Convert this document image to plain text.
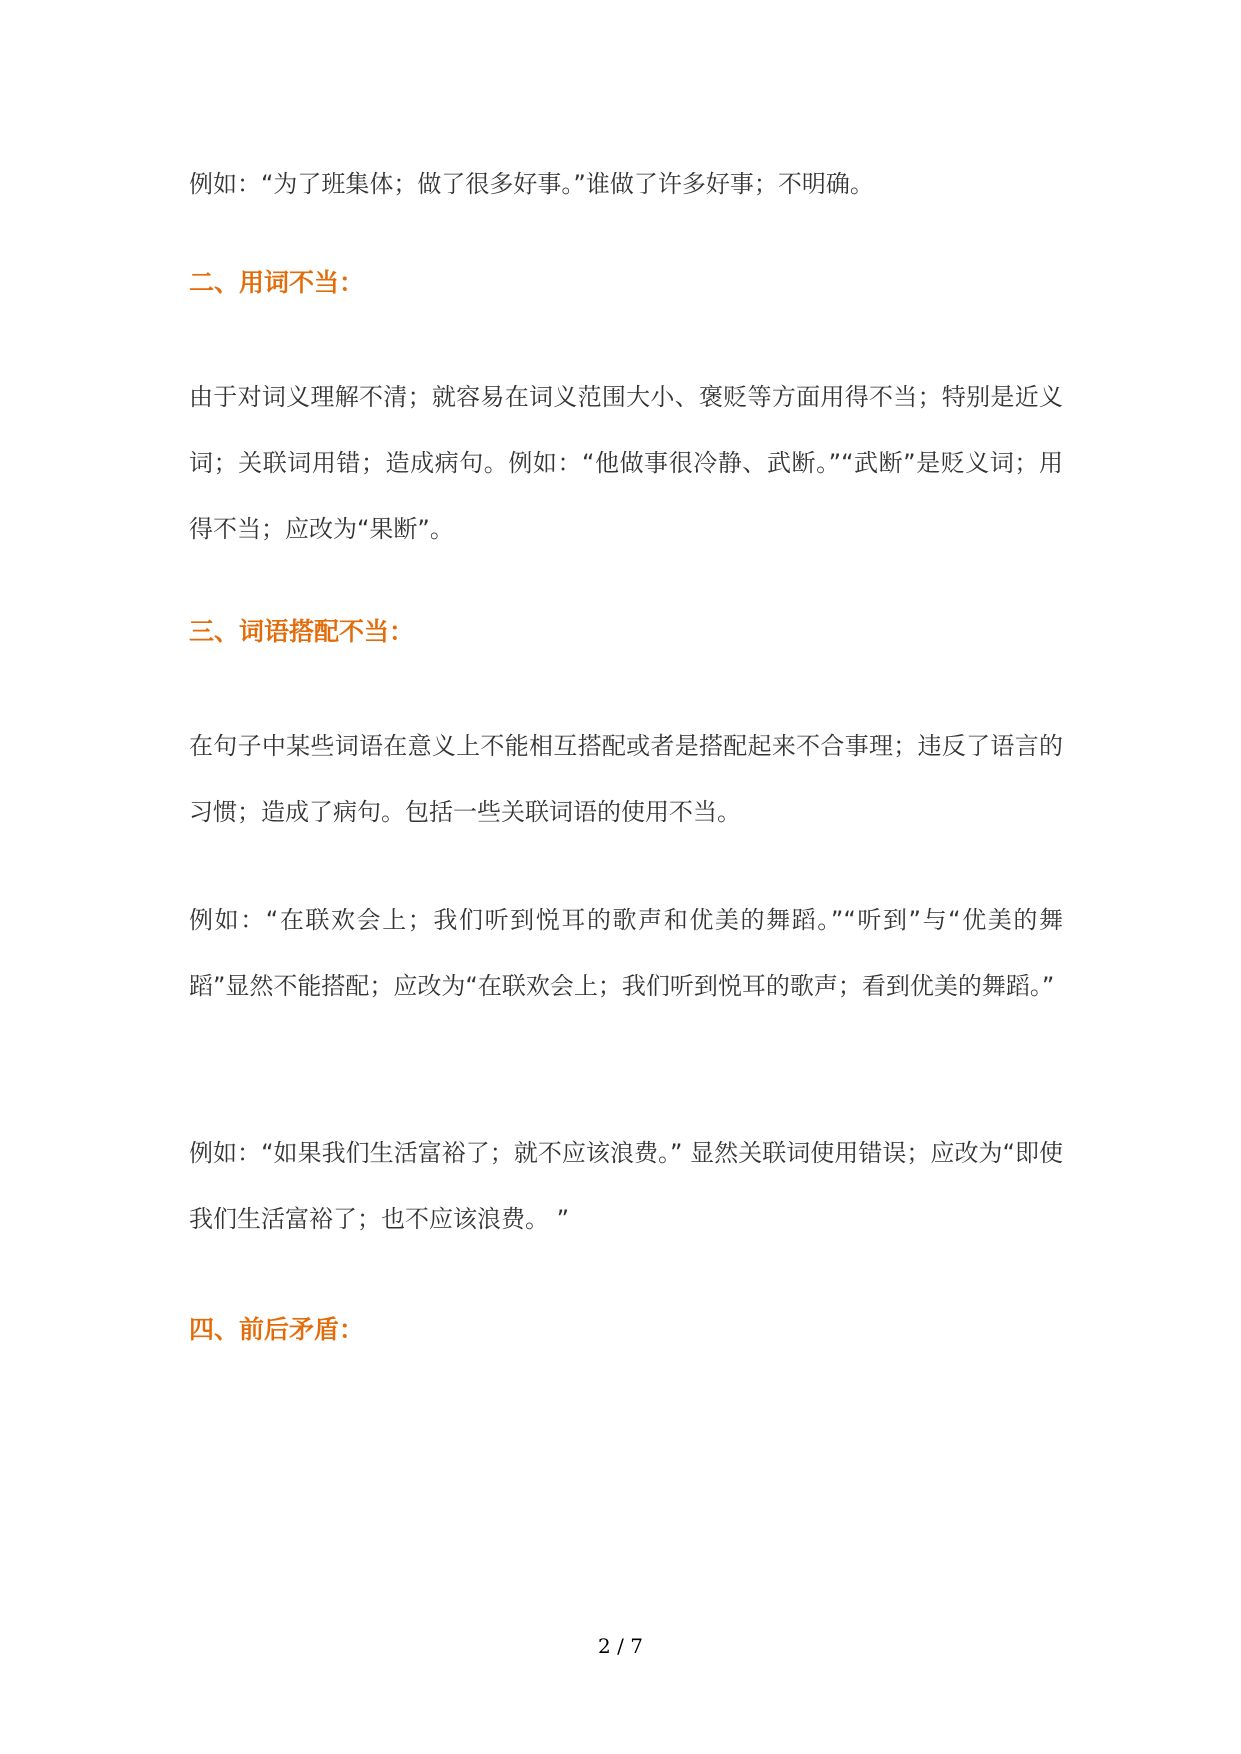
例如：“为了班集体；做了很多好事。”谁做了许多好事；不明确。

二、用词不当：

由于对词义理解不清；就容易在词义范围大小、褒贬等方面用得不当；特别是近义词；关联词用错；造成病句。例如：“他做事很冷静、武断。”“武断”是贬义词；用得不当；应改为“果断”。

三、词语搭配不当：

在句子中某些词语在意义上不能相互搭配或者是搭配起来不合事理；违反了语言的习惯；造成了病句。包括一些关联词语的使用不当。

例如：“在联欢会上；我们听到悦耳的歌声和优美的舞蹈。”“听到”与“优美的舞蹈”显然不能搭配；应改为“在联欢会上；我们听到悦耳的歌声；看到优美的舞蹈。”

例如：“如果我们生活富裕了；就不应该浪费。” 显然关联词使用错误；应改为“即使我们生活富裕了；也不应该浪费。 ”

四、前后矛盾：

2 / 7
